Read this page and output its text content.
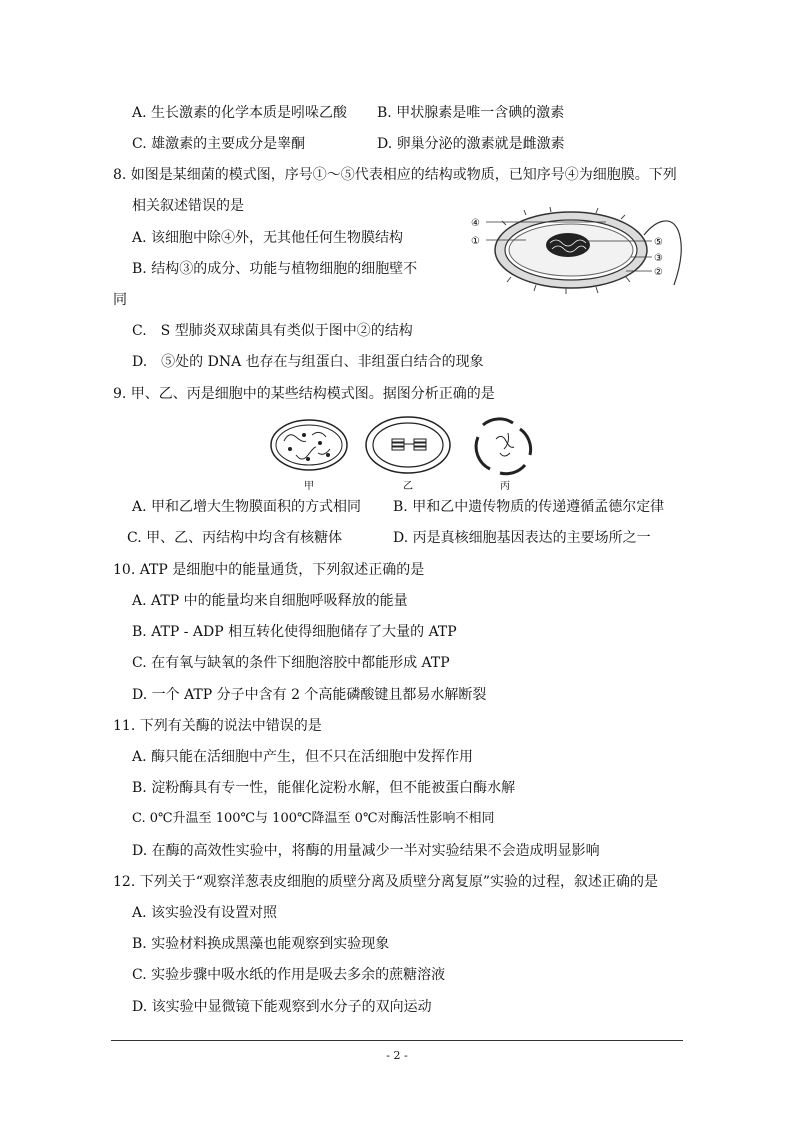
A. 生长激素的化学本质是吲哚乙酸 B. 甲状腺素是唯一含碘的激素
C. 雄激素的主要成分是睾酮	D. 卵巢分泌的激素就是雌激素
8. 如图是某细菌的模式图，序号①～⑤代表相应的结构或物质，已知序号④为细胞膜。下列
相关叙述错误的是
A. 该细胞中除④外，无其他任何生物膜结构
B. 结构③的成分、功能与植物细胞的细胞壁不
同
C.　S 型肺炎双球菌具有类似于图中②的结构
D.　⑤处的 DNA 也存在与组蛋白、非组蛋白结合的现象
④
①	⑤
③
②
9. 甲、乙、丙是细胞中的某些结构模式图。据图分析正确的是
甲	乙	丙
A. 甲和乙增大生物膜面积的方式相同 B. 甲和乙中遗传物质的传递遵循孟德尔定律
C. 甲、乙、丙结构中均含有核糖体	D. 丙是真核细胞基因表达的主要场所之一
10. ATP 是细胞中的能量通货，下列叙述正确的是
A. ATP 中的能量均来自细胞呼吸释放的能量
B. ATP - ADP 相互转化使得细胞储存了大量的 ATP
C. 在有氧与缺氧的条件下细胞溶胶中都能形成 ATP
D. 一个 ATP 分子中含有 2 个高能磷酸键且都易水解断裂
11. 下列有关酶的说法中错误的是
A. 酶只能在活细胞中产生，但不只在活细胞中发挥作用
B. 淀粉酶具有专一性，能催化淀粉水解，但不能被蛋白酶水解
C. 0℃升温至 100℃与 100℃降温至 0℃对酶活性影响不相同
D. 在酶的高效性实验中，将酶的用量减少一半对实验结果不会造成明显影响
12. 下列关于“观察洋葱表皮细胞的质壁分离及质壁分离复原”实验的过程，叙述正确的是
A. 该实验没有设置对照
B. 实验材料换成黑藻也能观察到实验现象
C. 实验步骤中吸水纸的作用是吸去多余的蔗糖溶液
D. 该实验中显微镜下能观察到水分子的双向运动
- 2 -
